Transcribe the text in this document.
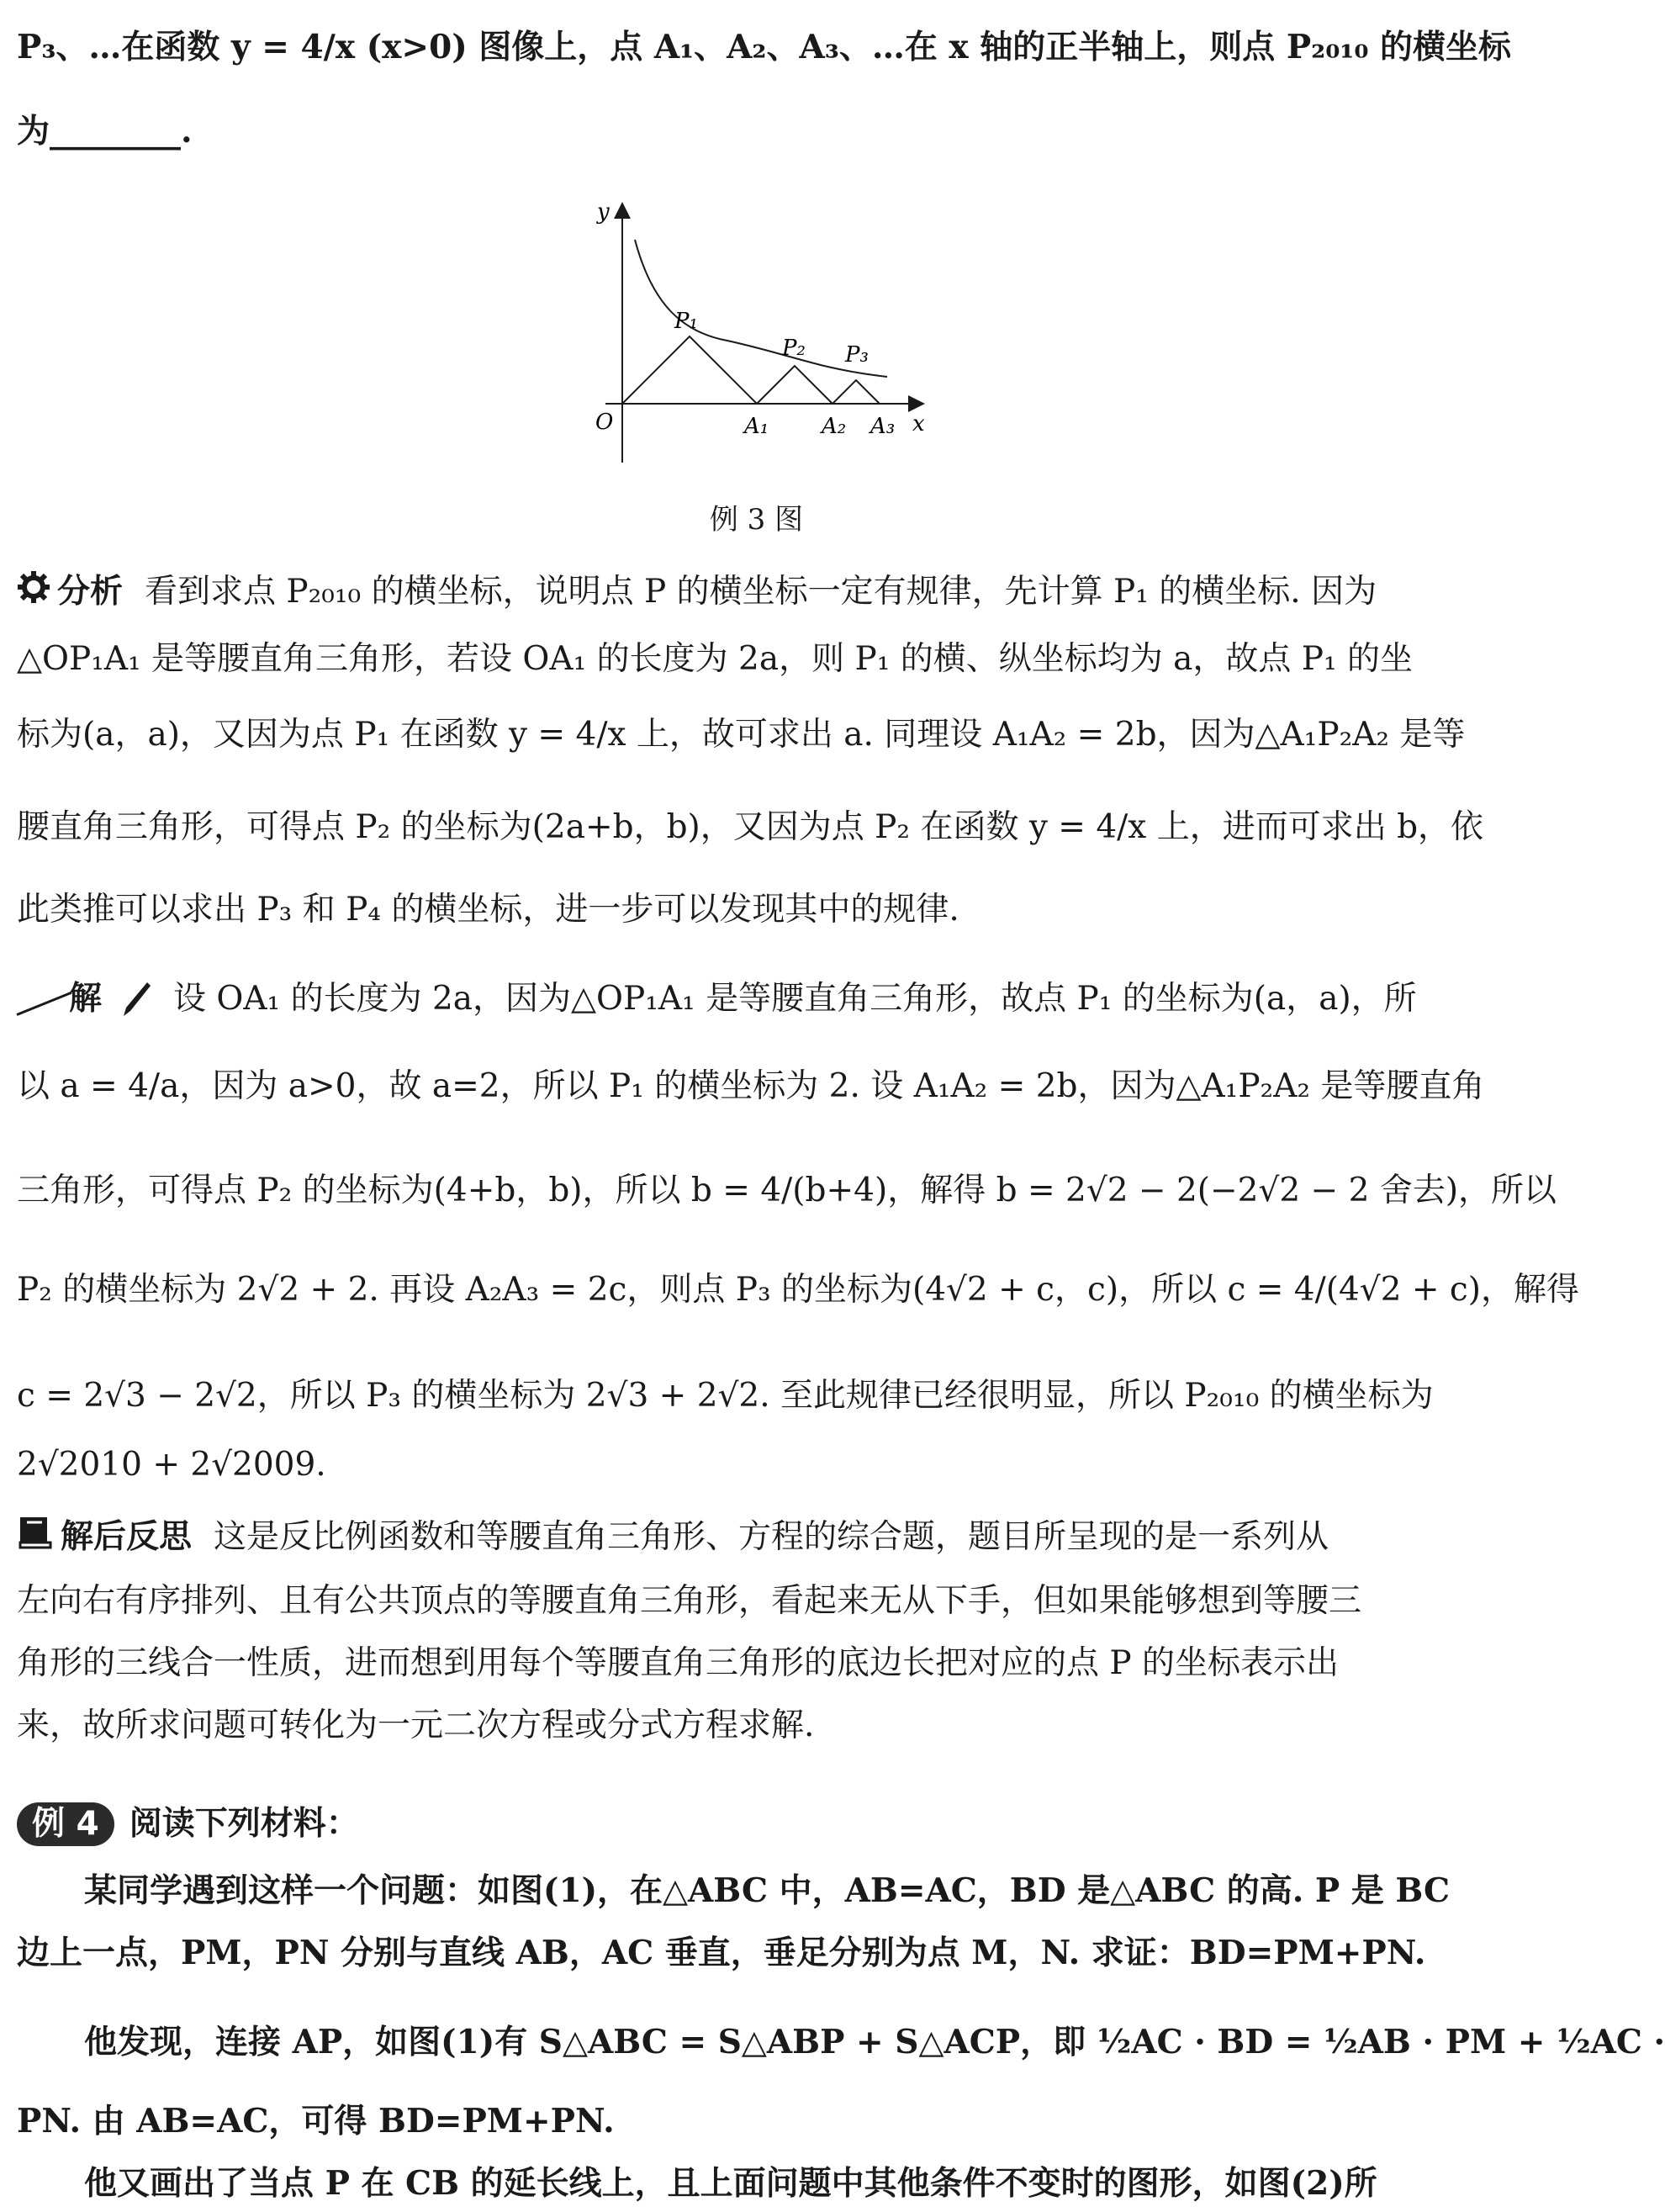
P₃、…在函数 y = 4/x (x>0) 图像上，点 A₁、A₂、A₃、…在 x 轴的正半轴上，则点 P₂₀₁₀ 的横坐标
为________.
y
x
O
P₁
P₂ P₃
A₁ A₂ A₃
例 3 图
分析 看到求点 P₂₀₁₀ 的横坐标，说明点 P 的横坐标一定有规律，先计算 P₁ 的横坐标. 因为
△OP₁A₁ 是等腰直角三角形，若设 OA₁ 的长度为 2a，则 P₁ 的横、纵坐标均为 a，故点 P₁ 的坐
标为(a，a)，又因为点 P₁ 在函数 y = 4/x 上，故可求出 a. 同理设 A₁A₂ = 2b，因为△A₁P₂A₂ 是等
腰直角三角形，可得点 P₂ 的坐标为(2a+b，b)，又因为点 P₂ 在函数 y = 4/x 上，进而可求出 b，依
此类推可以求出 P₃ 和 P₄ 的横坐标，进一步可以发现其中的规律.
解 设 OA₁ 的长度为 2a，因为△OP₁A₁ 是等腰直角三角形，故点 P₁ 的坐标为(a，a)，所
以 a = 4/a，因为 a>0，故 a=2，所以 P₁ 的横坐标为 2. 设 A₁A₂ = 2b，因为△A₁P₂A₂ 是等腰直角
三角形，可得点 P₂ 的坐标为(4+b，b)，所以 b = 4/(b+4)，解得 b = 2√2 − 2(−2√2 − 2 舍去)，所以
P₂ 的横坐标为 2√2 + 2. 再设 A₂A₃ = 2c，则点 P₃ 的坐标为(4√2 + c，c)，所以 c = 4/(4√2 + c)，解得
c = 2√3 − 2√2，所以 P₃ 的横坐标为 2√3 + 2√2. 至此规律已经很明显，所以 P₂₀₁₀ 的横坐标为
2√2010 + 2√2009.
解后反思 这是反比例函数和等腰直角三角形、方程的综合题，题目所呈现的是一系列从
左向右有序排列、且有公共顶点的等腰直角三角形，看起来无从下手，但如果能够想到等腰三
角形的三线合一性质，进而想到用每个等腰直角三角形的底边长把对应的点 P 的坐标表示出
来，故所求问题可转化为一元二次方程或分式方程求解.
例 4 阅读下列材料：
某同学遇到这样一个问题：如图(1)，在△ABC 中，AB=AC，BD 是△ABC 的高. P 是 BC
边上一点，PM，PN 分别与直线 AB，AC 垂直，垂足分别为点 M，N. 求证：BD=PM+PN.
他发现，连接 AP，如图(1)有 S△ABC = S△ABP + S△ACP，即 ½AC · BD = ½AB · PM + ½AC ·
PN. 由 AB=AC，可得 BD=PM+PN.
他又画出了当点 P 在 CB 的延长线上，且上面问题中其他条件不变时的图形，如图(2)所
